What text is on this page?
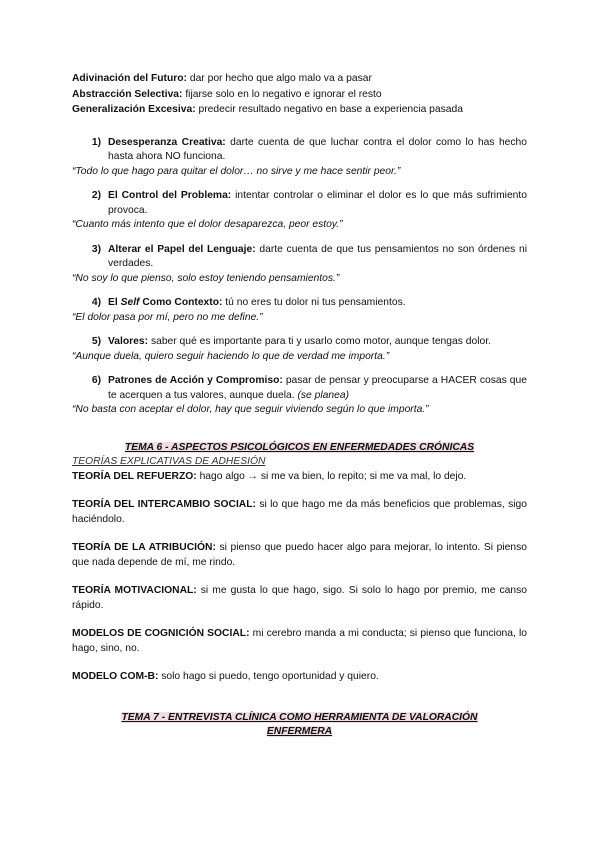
Adivinación del Futuro: dar por hecho que algo malo va a pasar

Abstracción Selectiva: fijarse solo en lo negativo e ignorar el resto

Generalización Excesiva: predecir resultado negativo en base a experiencia pasada

1) Desesperanza Creativa: darte cuenta de que luchar contra el dolor como lo has hecho hasta ahora NO funciona.

“Todo lo que hago para quitar el dolor… no sirve y me hace sentir peor.”

2) El Control del Problema: intentar controlar o eliminar el dolor es lo que más sufrimiento provoca.

“Cuanto más intento que el dolor desaparezca, peor estoy.”

3) Alterar el Papel del Lenguaje: darte cuenta de que tus pensamientos no son órdenes ni verdades.

“No soy lo que pienso, solo estoy teniendo pensamientos.”

4) El Self Como Contexto: tú no eres tu dolor ni tus pensamientos.

“El dolor pasa por mí, pero no me define.”

5) Valores: saber qué es importante para ti y usarlo como motor, aunque tengas dolor.

“Aunque duela, quiero seguir haciendo lo que de verdad me importa.”

6) Patrones de Acción y Compromiso: pasar de pensar y preocuparse a HACER cosas que te acerquen a tus valores, aunque duela. (se planea)

“No basta con aceptar el dolor, hay que seguir viviendo según lo que importa.”

TEMA 6 - ASPECTOS PSICOLÓGICOS EN ENFERMEDADES CRÓNICAS

TEORÍAS EXPLICATIVAS DE ADHESIÓN

TEORÍA DEL REFUERZO: hago algo → si me va bien, lo repito; si me va mal, lo dejo.

TEORÍA DEL INTERCAMBIO SOCIAL: si lo que hago me da más beneficios que problemas, sigo haciéndolo.

TEORÍA DE LA ATRIBUCIÓN: si pienso que puedo hacer algo para mejorar, lo intento. Si pienso que nada depende de mí, me rindo.

TEORÍA MOTIVACIONAL: si me gusta lo que hago, sigo. Si solo lo hago por premio, me canso rápido.

MODELOS DE COGNICIÓN SOCIAL: mi cerebro manda a mi conducta; si pienso que funciona, lo hago, sino, no.

MODELO COM-B: solo hago si puedo, tengo oportunidad y quiero.

TEMA 7 - ENTREVISTA CLÍNICA COMO HERRAMIENTA DE VALORACIÓN
ENFERMERA
